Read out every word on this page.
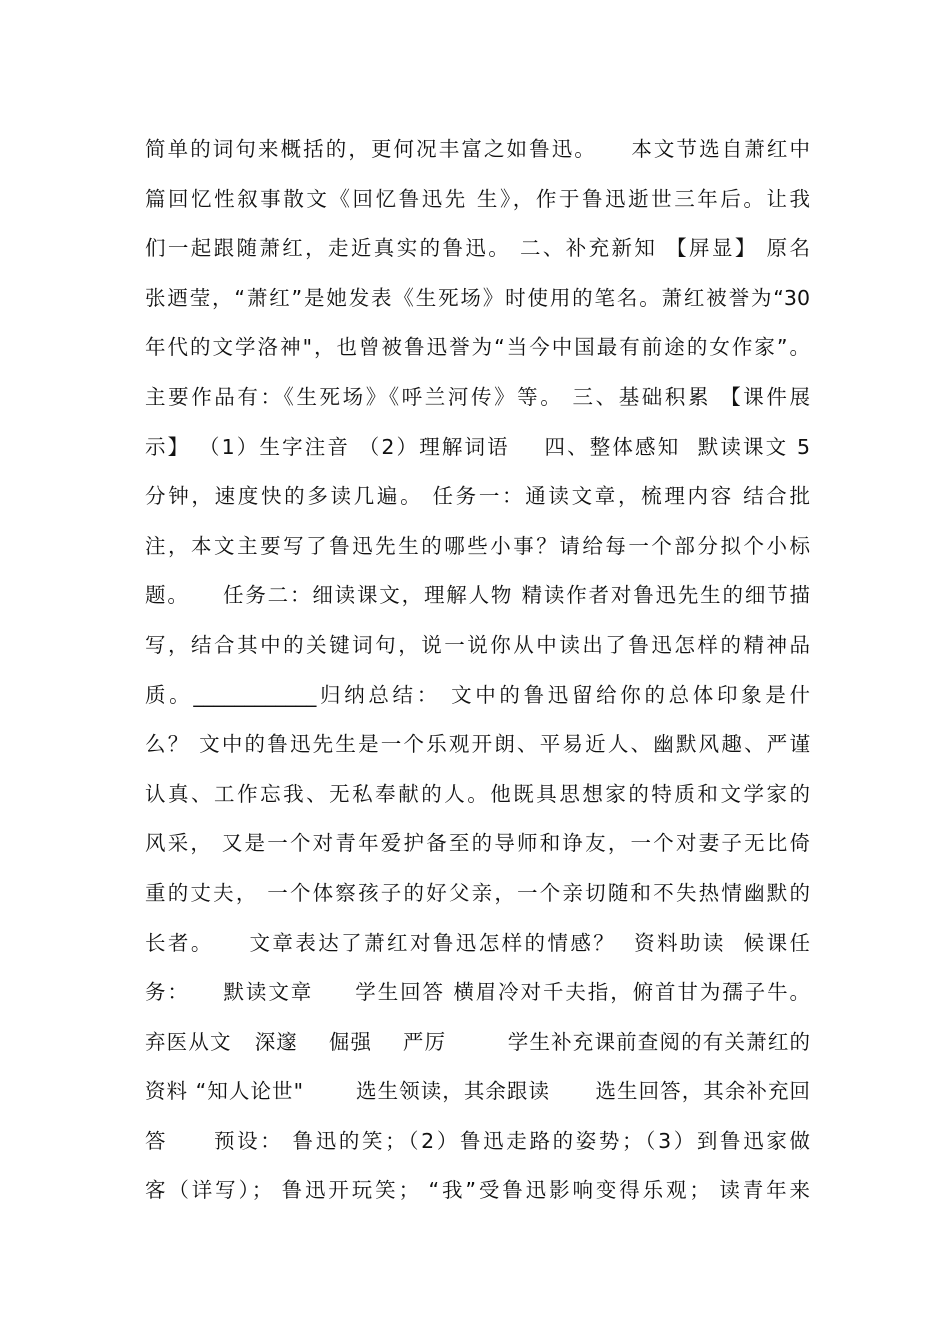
简单的词句来概括的，更何况丰富之如鲁迅。    本文节选自萧红中
篇回忆性叙事散文《回忆鲁迅先 生》，作于鲁迅逝世三年后。让我
们一起跟随萧红，走近真实的鲁迅。 二、补充新知 【屏显】 原名
张迺莹，“萧红”是她发表《生死场》时使用的笔名。萧红被誉为“30
年代的文学洛神"，也曾被鲁迅誉为“当今中国最有前途的女作家”。
主要作品有：《生死场》《呼兰河传》等。 三、基础积累 【课件展
示】 （1）生字注音 （2）理解词语    四、整体感知  默读课文 5
分钟，速度快的多读几遍。 任务一：通读文章，梳理内容 结合批
注，本文主要写了鲁迅先生的哪些小事？请给每一个部分拟个小标
题。    任务二：细读课文，理解人物 精读作者对鲁迅先生的细节描
写，结合其中的关键词句，说一说你从中读出了鲁迅怎样的精神品
质。____________归纳总结： 文中的鲁迅留给你的总体印象是什
么？ 文中的鲁迅先生是一个乐观开朗、平易近人、幽默风趣、严谨
认真、工作忘我、无私奉献的人。他既具思想家的特质和文学家的
风采， 又是一个对青年爱护备至的导师和诤友，一个对妻子无比倚
重的丈夫， 一个体察孩子的好父亲，一个亲切随和不失热情幽默的
长者。    文章表达了萧红对鲁迅怎样的情感？  资料助读  候课任
务：    默读文章     学生回答 横眉冷对千夫指，俯首甘为孺子牛。
弃医从文   深邃    倔强    严厉        学生补充课前查阅的有关萧红的
资料 “知人论世"       选生领读，其余跟读      选生回答，其余补充回
答     预设： 鲁迅的笑；（2）鲁迅走路的姿势；（3）到鲁迅家做
客（详写）； 鲁迅开玩笑； “我”受鲁迅影响变得乐观； 读青年来
